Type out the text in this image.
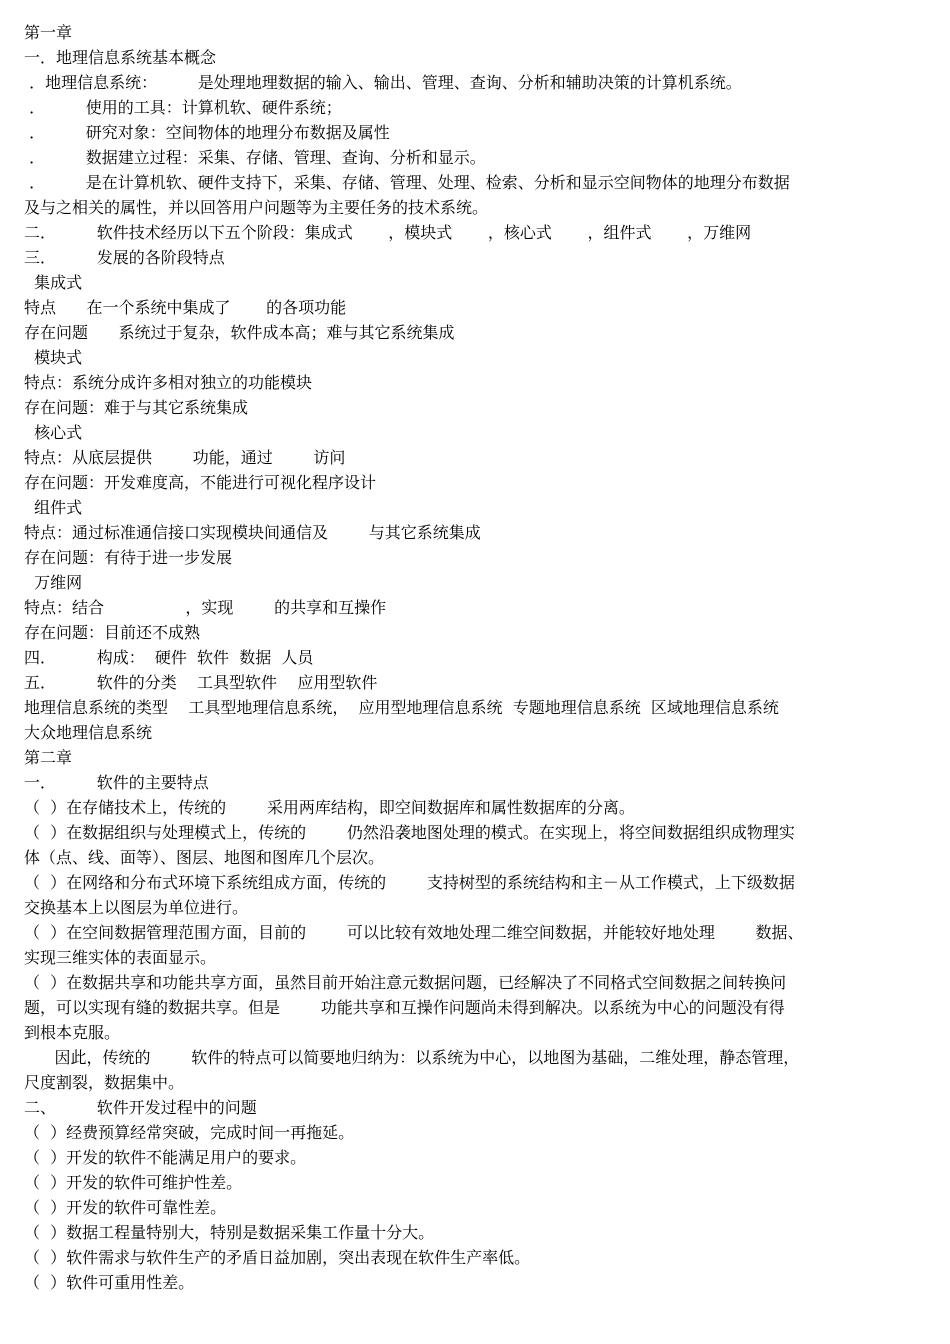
第一章
一．地理信息系统基本概念
．地理信息系统：        是处理地理数据的输入、输出、管理、查询、分析和辅助决策的计算机系统。
．        使用的工具：计算机软、硬件系统；
．        研究对象：空间物体的地理分布数据及属性
．        数据建立过程：采集、存储、管理、查询、分析和显示。
．        是在计算机软、硬件支持下，采集、存储、管理、处理、检索、分析和显示空间物体的地理分布数据
及与之相关的属性，并以回答用户问题等为主要任务的技术系统。
二．        软件技术经历以下五个阶段：集成式       ，模块式       ，核心式       ，组件式       ，万维网
三．        发展的各阶段特点
集成式
特点      在一个系统中集成了       的各项功能
存在问题      系统过于复杂，软件成本高；难与其它系统集成
模块式
特点：系统分成许多相对独立的功能模块
存在问题：难于与其它系统集成
核心式
特点：从底层提供        功能，通过        访问
存在问题：开发难度高，不能进行可视化程序设计
组件式
特点：通过标准通信接口实现模块间通信及        与其它系统集成
存在问题：有待于进一步发展
万维网
特点：结合                ，实现        的共享和互操作
存在问题：目前还不成熟
四．        构成：  硬件  软件  数据  人员
五．        软件的分类    工具型软件    应用型软件
地理信息系统的类型    工具型地理信息系统，  应用型地理信息系统  专题地理信息系统  区域地理信息系统
大众地理信息系统
第二章
一．        软件的主要特点
（  ）在存储技术上，传统的        采用两库结构，即空间数据库和属性数据库的分离。
（  ）在数据组织与处理模式上，传统的        仍然沿袭地图处理的模式。在实现上，将空间数据组织成物理实
体（点、线、面等）、图层、地图和图库几个层次。
（  ）在网络和分布式环境下系统组成方面，传统的        支持树型的系统结构和主－从工作模式，上下级数据
交换基本上以图层为单位进行。
（  ）在空间数据管理范围方面，目前的        可以比较有效地处理二维空间数据，并能较好地处理        数据、
实现三维实体的表面显示。
（  ）在数据共享和功能共享方面，虽然目前开始注意元数据问题，已经解决了不同格式空间数据之间转换问
题，可以实现有缝的数据共享。但是        功能共享和互操作问题尚未得到解决。以系统为中心的问题没有得
到根本克服。
因此，传统的        软件的特点可以简要地归纳为：以系统为中心，以地图为基础，二维处理，静态管理，
尺度割裂，数据集中。
二、        软件开发过程中的问题
（  ）经费预算经常突破，完成时间一再拖延。
（  ）开发的软件不能满足用户的要求。
（  ）开发的软件可维护性差。
（  ）开发的软件可靠性差。
（  ）数据工程量特别大，特别是数据采集工作量十分大。
（  ）软件需求与软件生产的矛盾日益加剧，突出表现在软件生产率低。
（  ）软件可重用性差。
